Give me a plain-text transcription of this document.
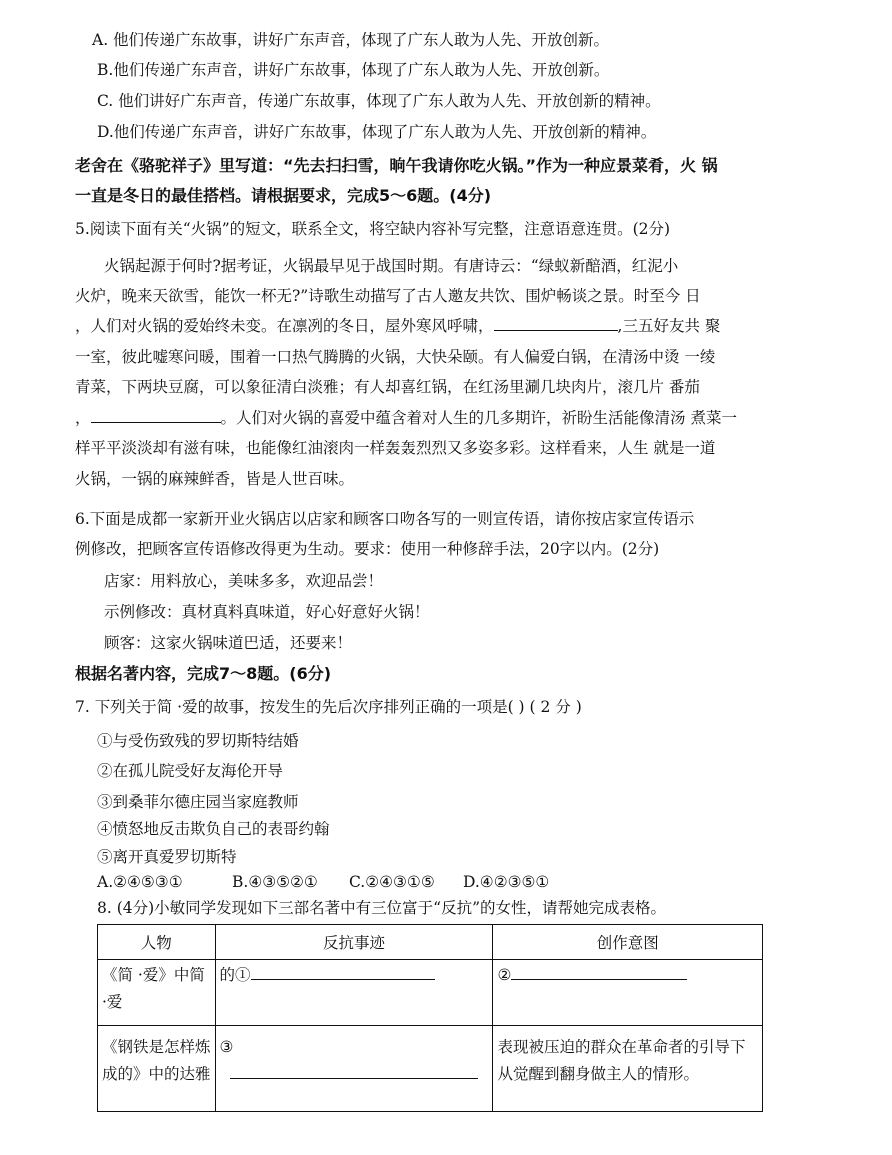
A. 他们传递广东故事，讲好广东声音，体现了广东人敢为人先、开放创新。
B.他们传递广东声音，讲好广东故事，体现了广东人敢为人先、开放创新。
C. 他们讲好广东声音，传递广东故事，体现了广东人敢为人先、开放创新的精神。
D.他们传递广东声音，讲好广东故事，体现了广东人敢为人先、开放创新的精神。
老舍在《骆驼祥子》里写道：“先去扫扫雪，晌午我请你吃火锅。”作为一种应景菜肴，火 锅
一直是冬日的最佳搭档。请根据要求，完成5～6题。(4分)
5.阅读下面有关“火锅”的短文，联系全文，将空缺内容补写完整，注意语意连贯。(2分)
火锅起源于何时?据考证，火锅最早见于战国时期。有唐诗云：“绿蚁新醅酒，红泥小
火炉，晚来天欲雪，能饮一杯无?”诗歌生动描写了古人邀友共饮、围炉畅谈之景。时至今 日
，人们对火锅的爱始终未变。在凛冽的冬日，屋外寒风呼啸，	,三五好友共 聚
一室，彼此嘘寒问暖，围着一口热气腾腾的火锅，大快朵颐。有人偏爱白锅，在清汤中烫 一绫
青菜，下两块豆腐，可以象征清白淡雅；有人却喜红锅，在红汤里涮几块肉片，滚几片 番茄
，	。人们对火锅的喜爱中蕴含着对人生的几多期许，祈盼生活能像清汤 煮菜一
样平平淡淡却有滋有味，也能像红油滚肉一样轰轰烈烈又多姿多彩。这样看来，人生 就是一道
火锅，一锅的麻辣鲜香，皆是人世百味。
6.下面是成都一家新开业火锅店以店家和顾客口吻各写的一则宣传语，请你按店家宣传语示
例修改，把顾客宣传语修改得更为生动。要求：使用一种修辞手法，20字以内。(2分)
店家：用料放心，美味多多，欢迎品尝！
示例修改：真材真料真味道，好心好意好火锅！
顾客：这家火锅味道巴适，还要来！
根据名著内容，完成7～8题。(6分)
7. 下列关于简 ·爱的故事，按发生的先后次序排列正确的一项是( ) ( 2 分 )
①与受伤致残的罗切斯特结婚
②在孤儿院受好友海伦开导
③到桑菲尔德庄园当家庭教师
④愤怒地反击欺负自己的表哥约翰
⑤离开真爱罗切斯特
A.②④⑤③①	B.④③⑤②① C.②④③①⑤ D.④②③⑤①
8. (4分)小敏同学发现如下三部名著中有三位富于“反抗”的女性，请帮她完成表格。
人物	反抗事迹	创作意图
《简 ·爱》中简 ·爱	的①	②
《钢铁是怎样炼成的》中的达雅	③	表现被压迫的群众在革命者的引导下从觉醒到翻身做主人的情形。
